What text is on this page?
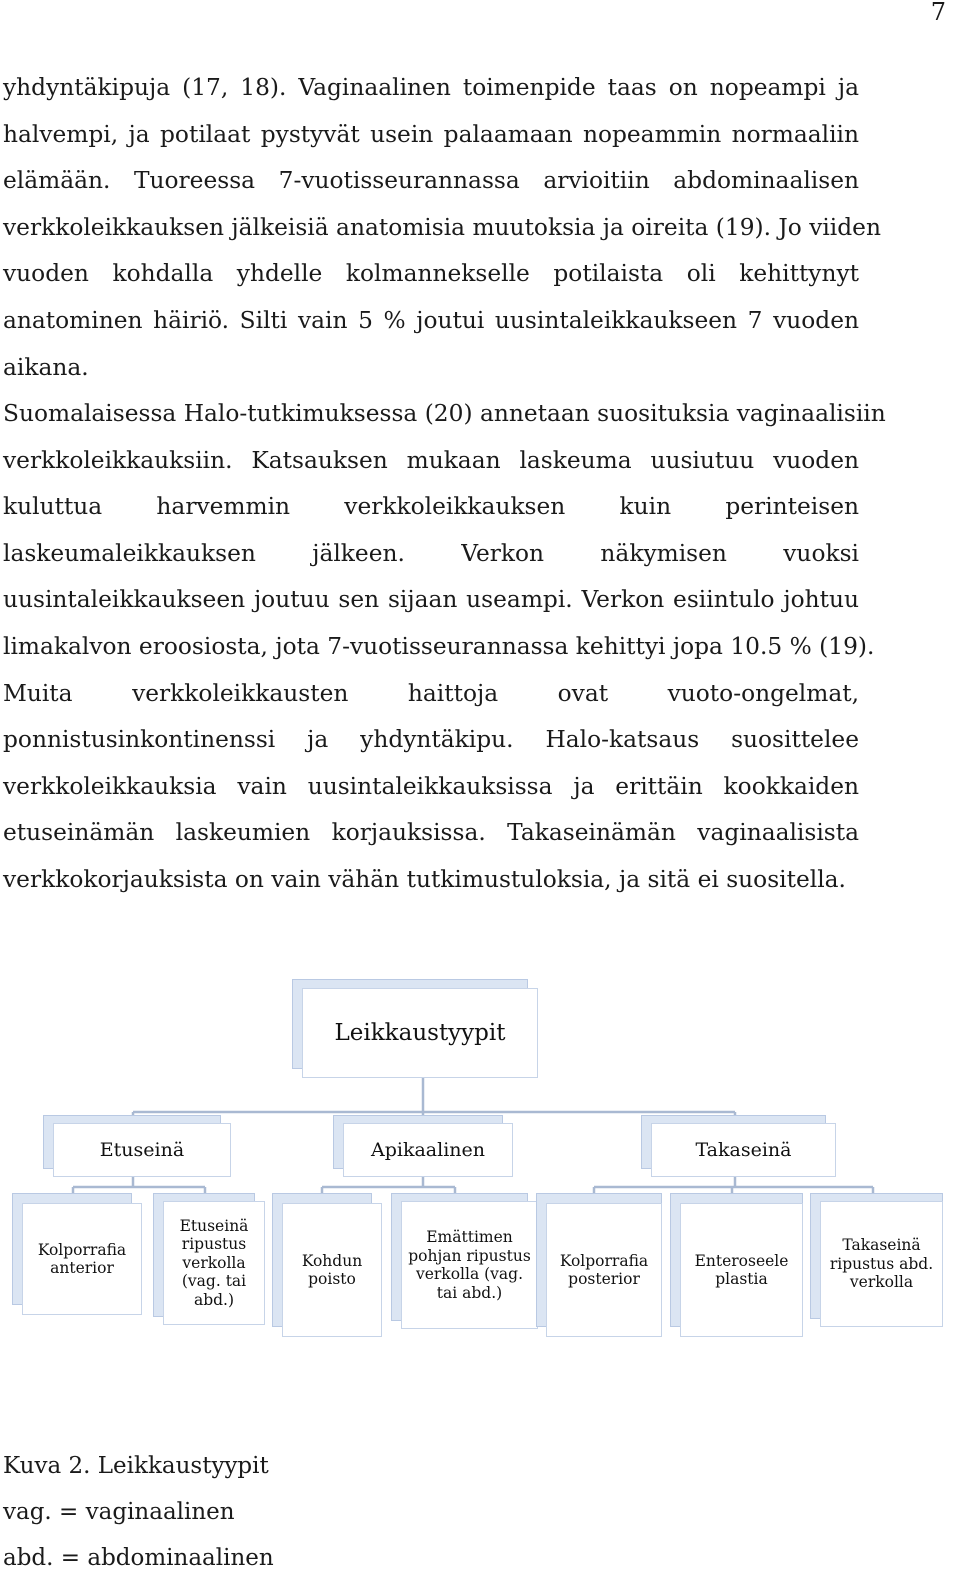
7
yhdyntäkipuja (17, 18). Vaginaalinen toimenpide taas on nopeampi ja
halvempi, ja potilaat pystyvät usein palaamaan nopeammin normaaliin
elämään. Tuoreessa 7-vuotisseurannassa arvioitiin abdominaalisen
verkkoleikkauksen jälkeisiä anatomisia muutoksia ja oireita (19). Jo viiden
vuoden kohdalla yhdelle kolmannekselle potilaista oli kehittynyt
anatominen häiriö. Silti vain 5 % joutui uusintaleikkaukseen 7 vuoden
aikana.
Suomalaisessa Halo-tutkimuksessa (20) annetaan suosituksia vaginaalisiin
verkkoleikkauksiin. Katsauksen mukaan laskeuma uusiutuu vuoden
kuluttua harvemmin verkkoleikkauksen kuin perinteisen
laskeumaleikkauksen jälkeen. Verkon näkymisen vuoksi
uusintaleikkaukseen joutuu sen sijaan useampi. Verkon esiintulo johtuu
limakalvon eroosiosta, jota 7-vuotisseurannassa kehittyi jopa 10.5 % (19).
Muita verkkoleikkausten haittoja ovat vuoto-ongelmat,
ponnistusinkontinenssi ja yhdyntäkipu. Halo-katsaus suosittelee
verkkoleikkauksia vain uusintaleikkauksissa ja erittäin kookkaiden
etuseinämän laskeumien korjauksissa. Takaseinämän vaginaalisista
verkkokorjauksista on vain vähän tutkimustuloksia, ja sitä ei suositella.
Leikkaustyypit
Etuseinä	Apikaalinen	Takaseinä
Kolporrafia anterior
Etuseinä ripustus verkolla (vag. tai abd.)
Kohdun poisto
Emättimen pohjan ripustus verkolla (vag. tai abd.)
Kolporrafia posterior
Enteroseele plastia
Takaseinä ripustus abd. verkolla
Kuva 2. Leikkaustyypit
vag. = vaginaalinen
abd. = abdominaalinen
